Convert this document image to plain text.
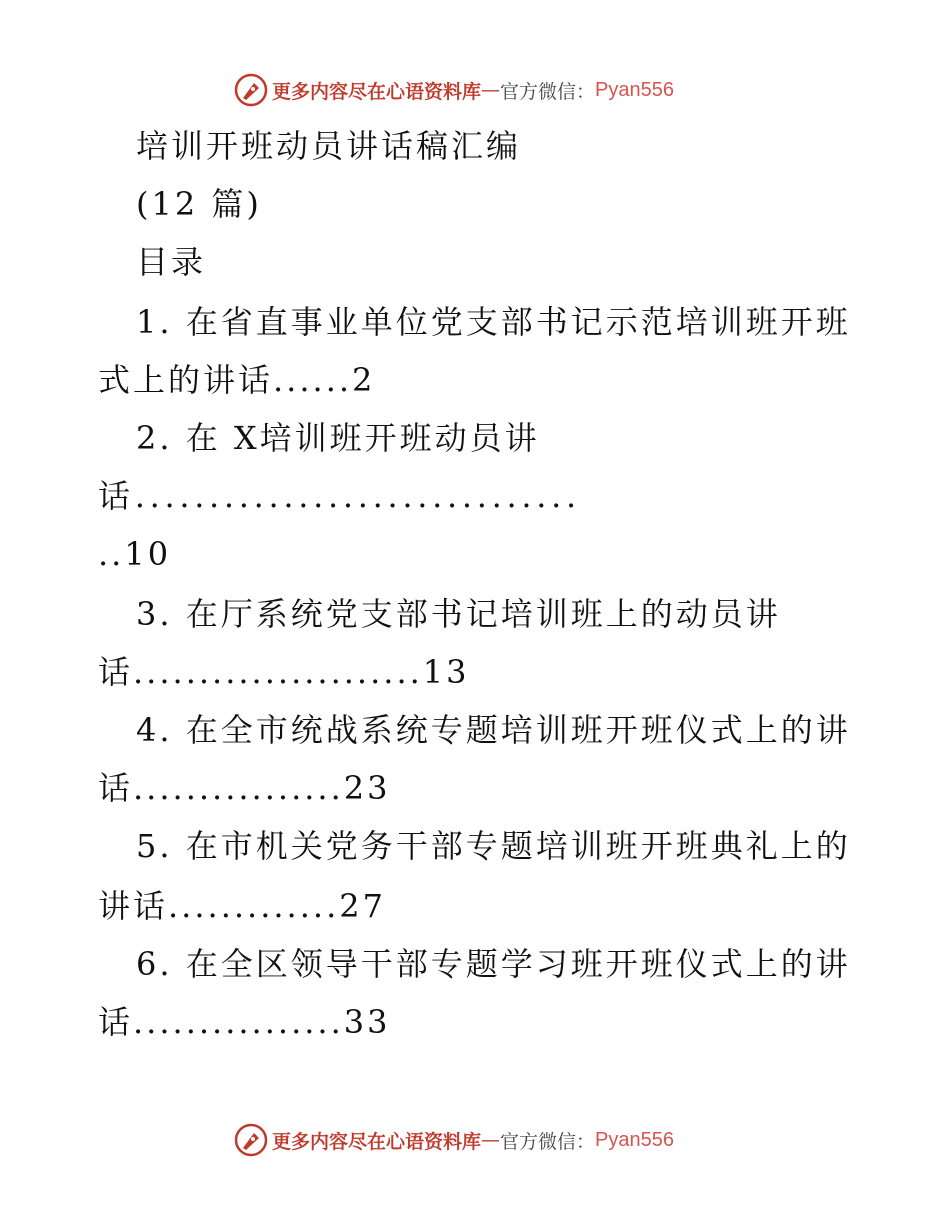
更多内容尽在心语资料库 — 官方微信： Pyan556
培训开班动员讲话稿汇编
(12 篇)
目录
1. 在省直事业单位党支部书记示范培训班开班
式上的讲话......2
2. 在 X培训班开班动员讲
话..............................
..10
3. 在厅系统党支部书记培训班上的动员讲
话......................13
4. 在全市统战系统专题培训班开班仪式上的讲
话................23
5. 在市机关党务干部专题培训班开班典礼上的
讲话.............27
6. 在全区领导干部专题学习班开班仪式上的讲
话................33
更多内容尽在心语资料库 — 官方微信： Pyan556
